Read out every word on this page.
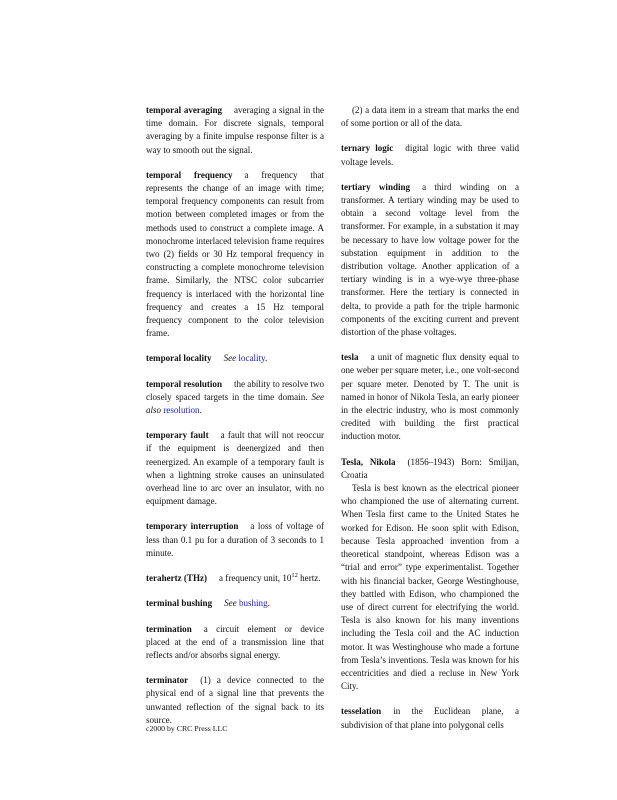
temporal averaging averaging a signal in the time domain. For discrete signals, temporal averaging by a finite impulse response filter is a way to smooth out the signal.
temporal frequency a frequency that represents the change of an image with time; temporal frequency components can result from motion between completed images or from the methods used to construct a complete image. A monochrome interlaced television frame requires two (2) fields or 30 Hz temporal frequency in constructing a complete monochrome television frame. Similarly, the NTSC color subcarrier frequency is interlaced with the horizontal line frequency and creates a 15 Hz temporal frequency component to the color television frame.
temporal locality See locality.
temporal resolution the ability to resolve two closely spaced targets in the time domain. See also resolution.
temporary fault a fault that will not reoccur if the equipment is deenergized and then reenergized. An example of a temporary fault is when a lightning stroke causes an uninsulated overhead line to arc over an insulator, with no equipment damage.
temporary interruption a loss of voltage of less than 0.1 pu for a duration of 3 seconds to 1 minute.
terahertz (THz) a frequency unit, $10^{12}$ hertz.
terminal bushing See bushing.
termination a circuit element or device placed at the end of a transmission line that reflects and/or absorbs signal energy.
terminator (1) a device connected to the physical end of a signal line that prevents the unwanted reflection of the signal back to its source.
(2) a data item in a stream that marks the end of some portion or all of the data.
ternary logic digital logic with three valid voltage levels.
tertiary winding a third winding on a transformer. A tertiary winding may be used to obtain a second voltage level from the transformer. For example, in a substation it may be necessary to have low voltage power for the substation equipment in addition to the distribution voltage. Another application of a tertiary winding is in a wye-wye three-phase transformer. Here the tertiary is connected in delta, to provide a path for the triple harmonic components of the exciting current and prevent distortion of the phase voltages.
tesla a unit of magnetic flux density equal to one weber per square meter, i.e., one volt-second per square meter. Denoted by T. The unit is named in honor of Nikola Tesla, an early pioneer in the electric industry, who is most commonly credited with building the first practical induction motor.
Tesla, Nikola (1856–1943) Born: Smiljan, Croatia
Tesla is best known as the electrical pioneer who championed the use of alternating current. When Tesla first came to the United States he worked for Edison. He soon split with Edison, because Tesla approached invention from a theoretical standpoint, whereas Edison was a “trial and error” type experimentalist. Together with his financial backer, George Westinghouse, they battled with Edison, who championed the use of direct current for electrifying the world. Tesla is also known for his many inventions including the Tesla coil and the AC induction motor. It was Westinghouse who made a fortune from Tesla’s inventions. Tesla was known for his eccentricities and died a recluse in New York City.
tesselation in the Euclidean plane, a subdivision of that plane into polygonal cells
c2000 by CRC Press LLC
